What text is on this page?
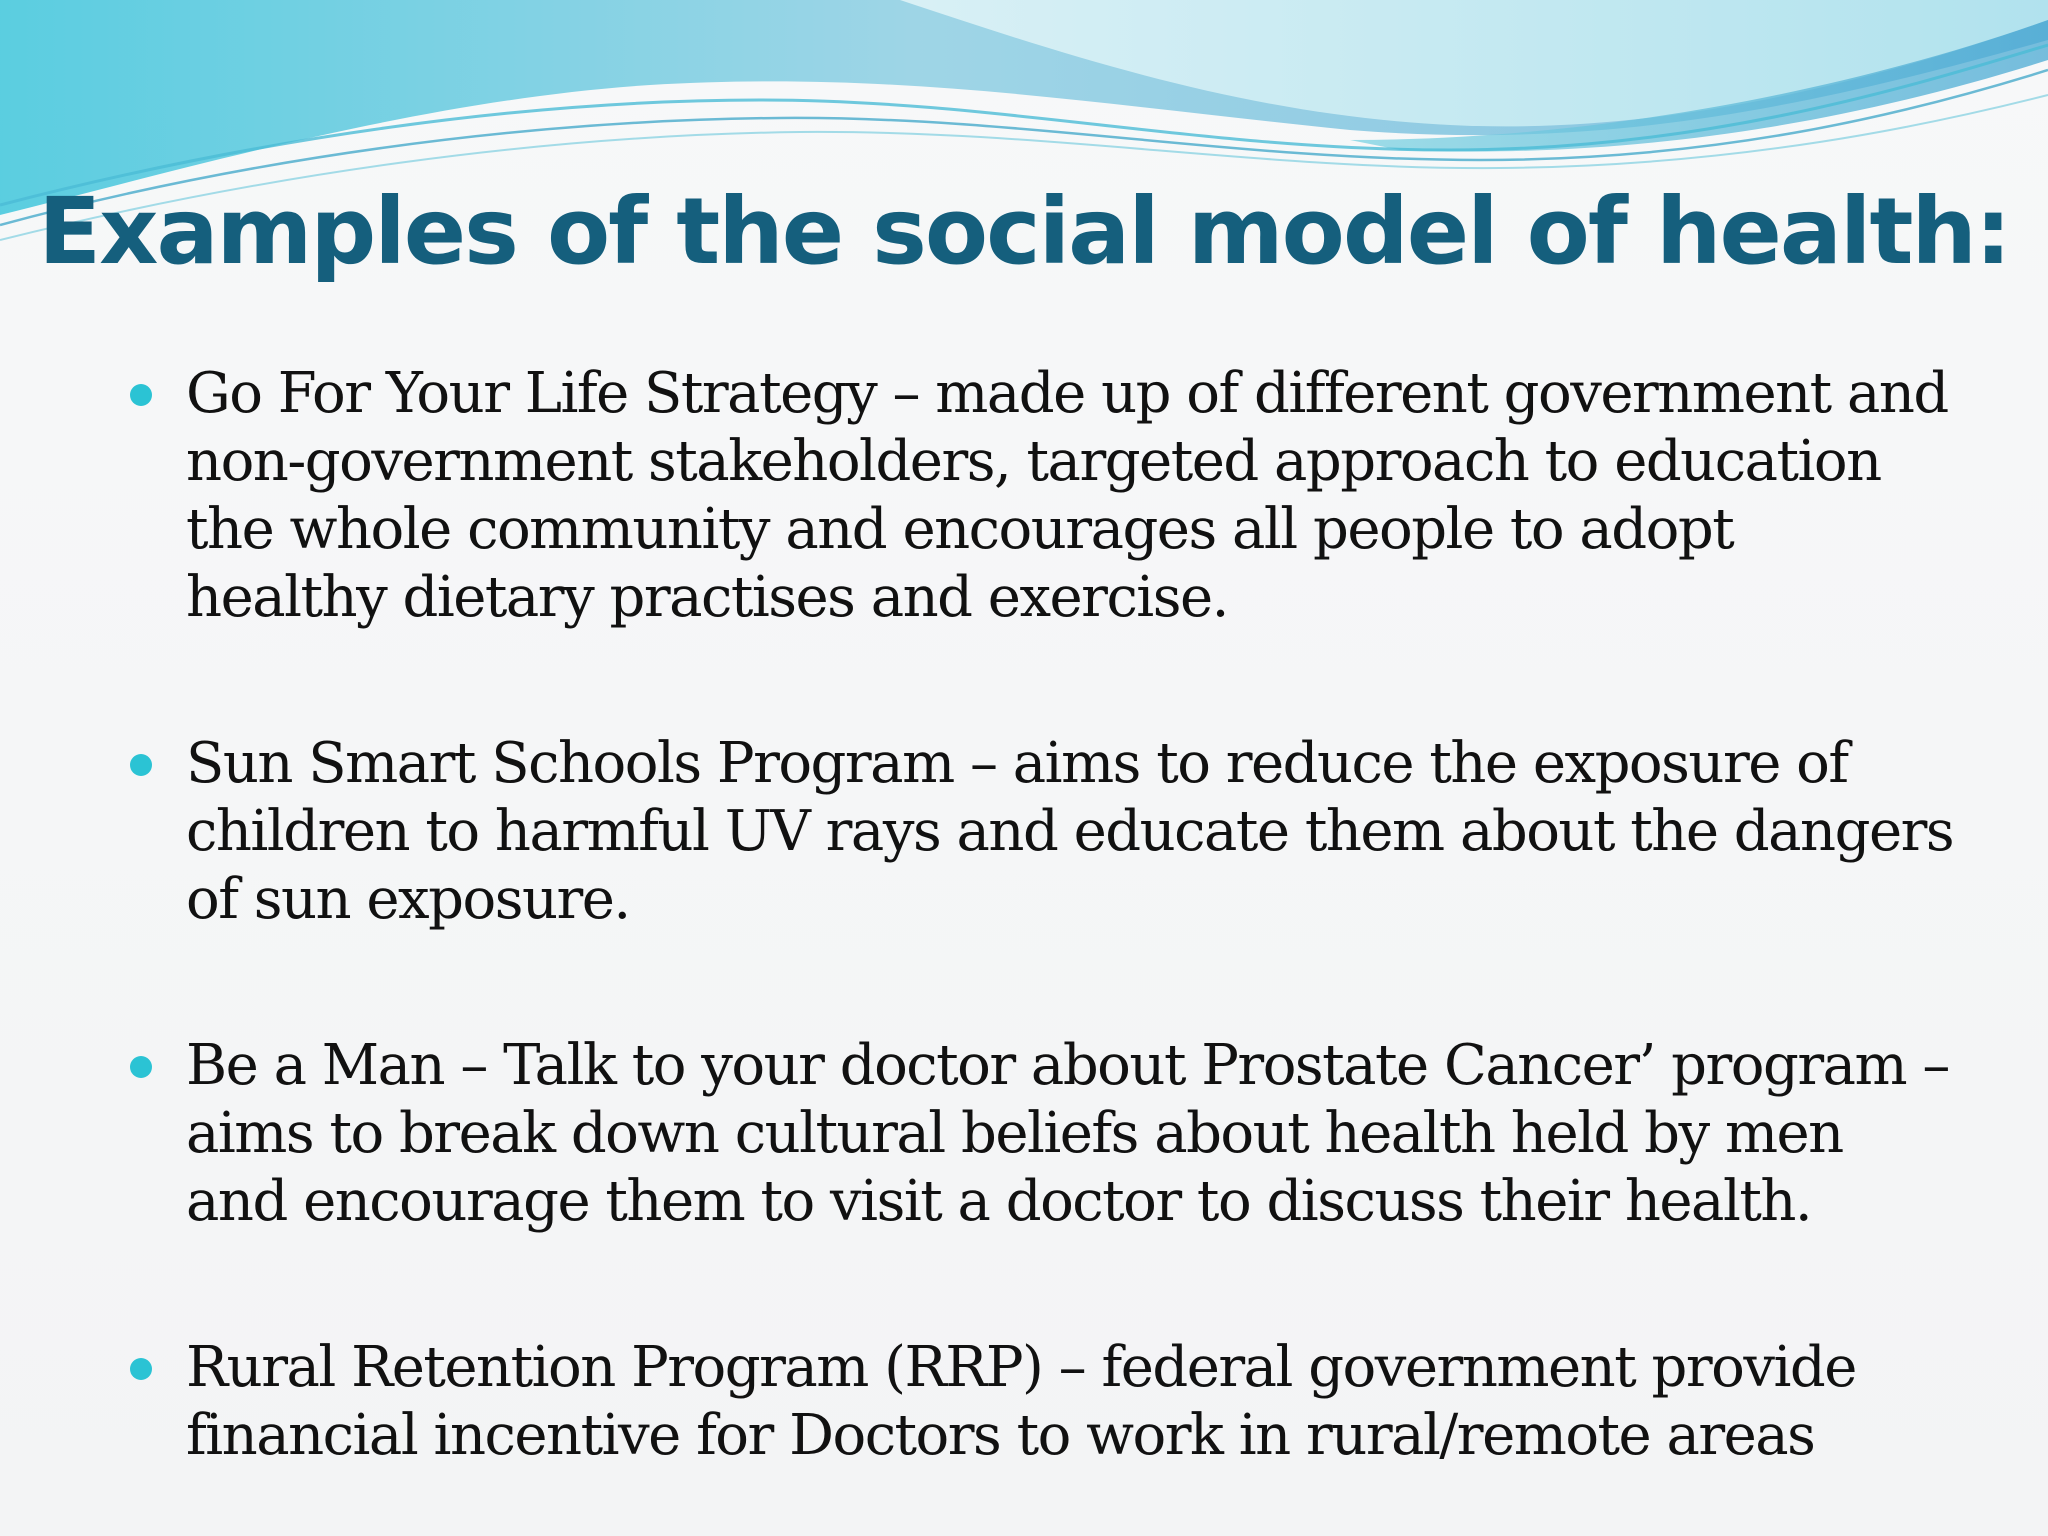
Examples of the social model of health:
Go For Your Life Strategy – made up of different government and
non-government stakeholders, targeted approach to education
the whole community and encourages all people to adopt
healthy dietary practises and exercise.
Sun Smart Schools Program – aims to reduce the exposure of
children to harmful UV rays and educate them about the dangers
of sun exposure.
Be a Man – Talk to your doctor about Prostate Cancer’ program –
aims to break down cultural beliefs about health held by men
and encourage them to visit a doctor to discuss their health.
Rural Retention Program (RRP) – federal government provide
financial incentive for Doctors to work in rural/remote areas
